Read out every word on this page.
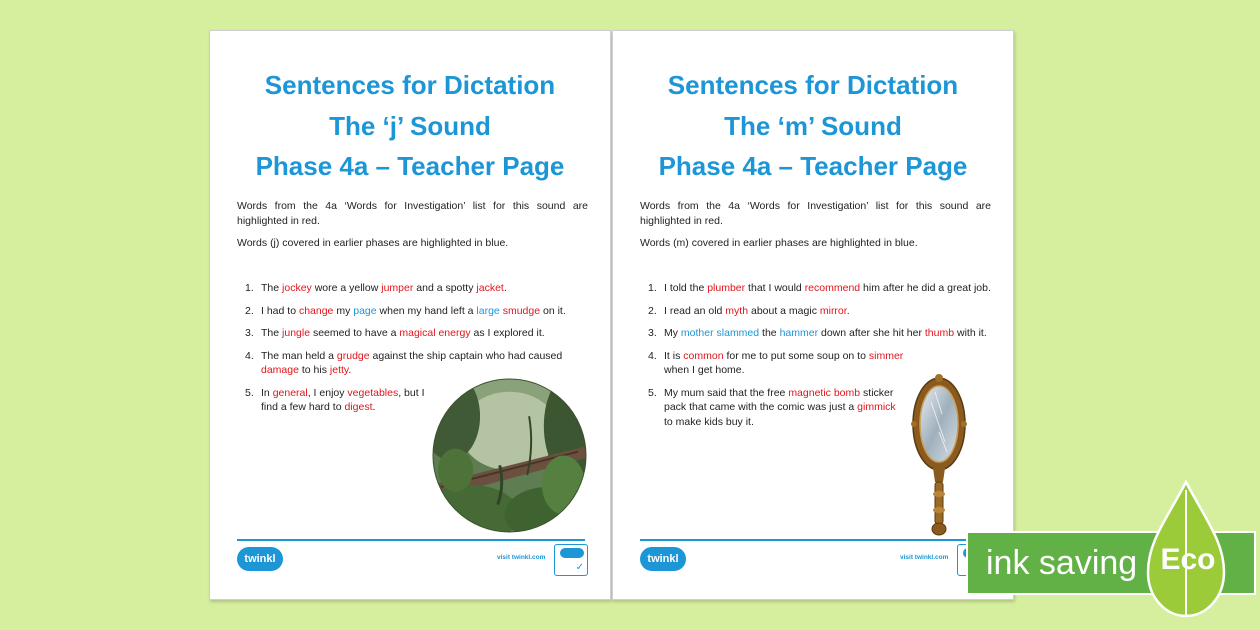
Sentences for Dictation
The ‘j’ Sound
Phase 4a – Teacher Page

Words from the 4a ‘Words for Investigation’ list for this sound are highlighted in red.

Words (j) covered in earlier phases are highlighted in blue.

1. The jockey wore a yellow jumper and a spotty jacket.
2. I had to change my page when my hand left a large smudge on it.
3. The jungle seemed to have a magical energy as I explored it.
4. The man held a grudge against the ship captain who had caused damage to his jetty.
5. In general, I enjoy vegetables, but I find a few hard to digest.
twinkl	visit twinkl.com
✓
Sentences for Dictation
The ‘m’ Sound
Phase 4a – Teacher Page

Words from the 4a ‘Words for Investigation’ list for this sound are highlighted in red.

Words (m) covered in earlier phases are highlighted in blue.

1. I told the plumber that I would recommend him after he did a great job.
2. I read an old myth about a magic mirror.
3. My mother slammed the hammer down after she hit her thumb with it.
4. It is common for me to put some soup on to simmer when I get home.
5. My mum said that the free magnetic bomb sticker pack that came with the comic was just a gimmick to make kids buy it.
twinkl	visit twinkl.com ink saving Eco
